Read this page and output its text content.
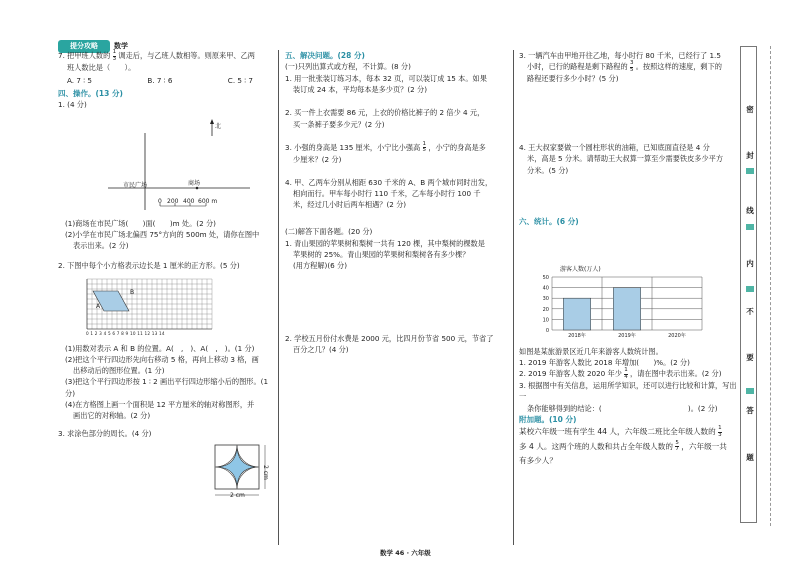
提分攻略	数学
7. 把甲班人数的 $\frac{1}{3}$ 调走后，与乙班人数相等。则原来甲、乙两
班人数比是（　　）。
A. 7 ∶ 5	B. 7 ∶ 6	C. 5 ∶ 7
四、操作。(13 分)
1. (4 分)
北
市民广场	商场
0 200 400 600 m
(1)商场在市民广场(　　)面(　　)m 处。(2 分)
(2)小学在市民广场北偏西 75°方向的 500m 处，请你在图中
表示出来。(2 分)
2. 下图中每个小方格表示边长是 1 厘米的正方形。(5 分)
A
B
0 1 2 3 4 5 6 7 8 9 10 11 12 13 14
(1)用数对表示 A 和 B 的位置。A(　,　)、A(　,　)。(1 分)
(2)把这个平行四边形先向右移动 5 格，再向上移动 3 格，画
出移动后的图形位置。(1 分)
(3)把这个平行四边形按 1 ∶ 2 画出平行四边形缩小后的图形。(1 分)
(4)在方格图上画一个面积是 12 平方厘米的轴对称图形，并
画出它的对称轴。(2 分)
3. 求涂色部分的周长。(4 分)
2 cm
2 cm
五、解决问题。(28 分)
(一)只列出算式或方程，不计算。(8 分)
1. 用一批张装订练习本，每本 32 页，可以装订成 15 本。如果
装订成 24 本，平均每本是多少页？(2 分)
2. 买一件上衣需要 86 元，上衣的价格比裤子的 2 倍少 4 元，
买一条裤子要多少元？(2 分)
3. 小强的身高是 135 厘米，小宁比小强高 $\frac{1}{5}$ ，小宁的身高是多
少厘米？(2 分)
4. 甲、乙两车分别从相距 630 千米的 A、B 两个城市同时出发，
相向而行。甲车每小时行 110 千米，乙车每小时行 100 千
米，经过几小时后两车相遇？(2 分)
(二)解答下面各题。(20 分)
1. 青山果园的苹果树和梨树一共有 120 棵，其中梨树的棵数是
苹果树的 25%。青山果园的苹果树和梨树各有多少棵？
(用方程解)(6 分)
2. 学校五月份付水费是 2000 元，比四月份节省 500 元，节省了
百分之几？(4 分)
3. 一辆汽车由甲地开往乙地，每小时行 80 千米，已经行了 1.5
小时，已行的路程是剩下路程的 $\frac{3}{5}$ 。按照这样的速度，剩下的
路程还要行多少小时？(5 分)
4. 王大叔家要做一个圆柱形状的油箱，已知底面直径是 4 分
米，高是 5 分米。请帮助王大叔算一算至少需要铁皮多少平方
分米。(5 分)
六、统计。(6 分)
游客人数(万人)
10
20
30
40
50
0
2018年	2019年	2020年
如图是某旅游景区近几年来游客人数统计图。
1. 2019 年游客人数比 2018 年增加(　　)%。(2 分)
2. 2019 年游客人数 2020 年少 $\frac{1}{4}$ ，请在图中表示出来。(2 分)
3. 根据图中有关信息，运用所学知识，还可以进行比较和计算，写出一
条你能够得到的结论：(　　　　　　　　　　　　)。(2 分)
附加题。(10 分)
某校六年级一班有学生 44 人，六年级二班比全年级人数的 $\frac{1}{3}$

多 4 人。这两个班的人数和共占全年级人数的 $\frac{5}{7}$ ，六年级一共
有多少人？
密
封
线
内
不
要
答
题
数学 46 · 六年级
